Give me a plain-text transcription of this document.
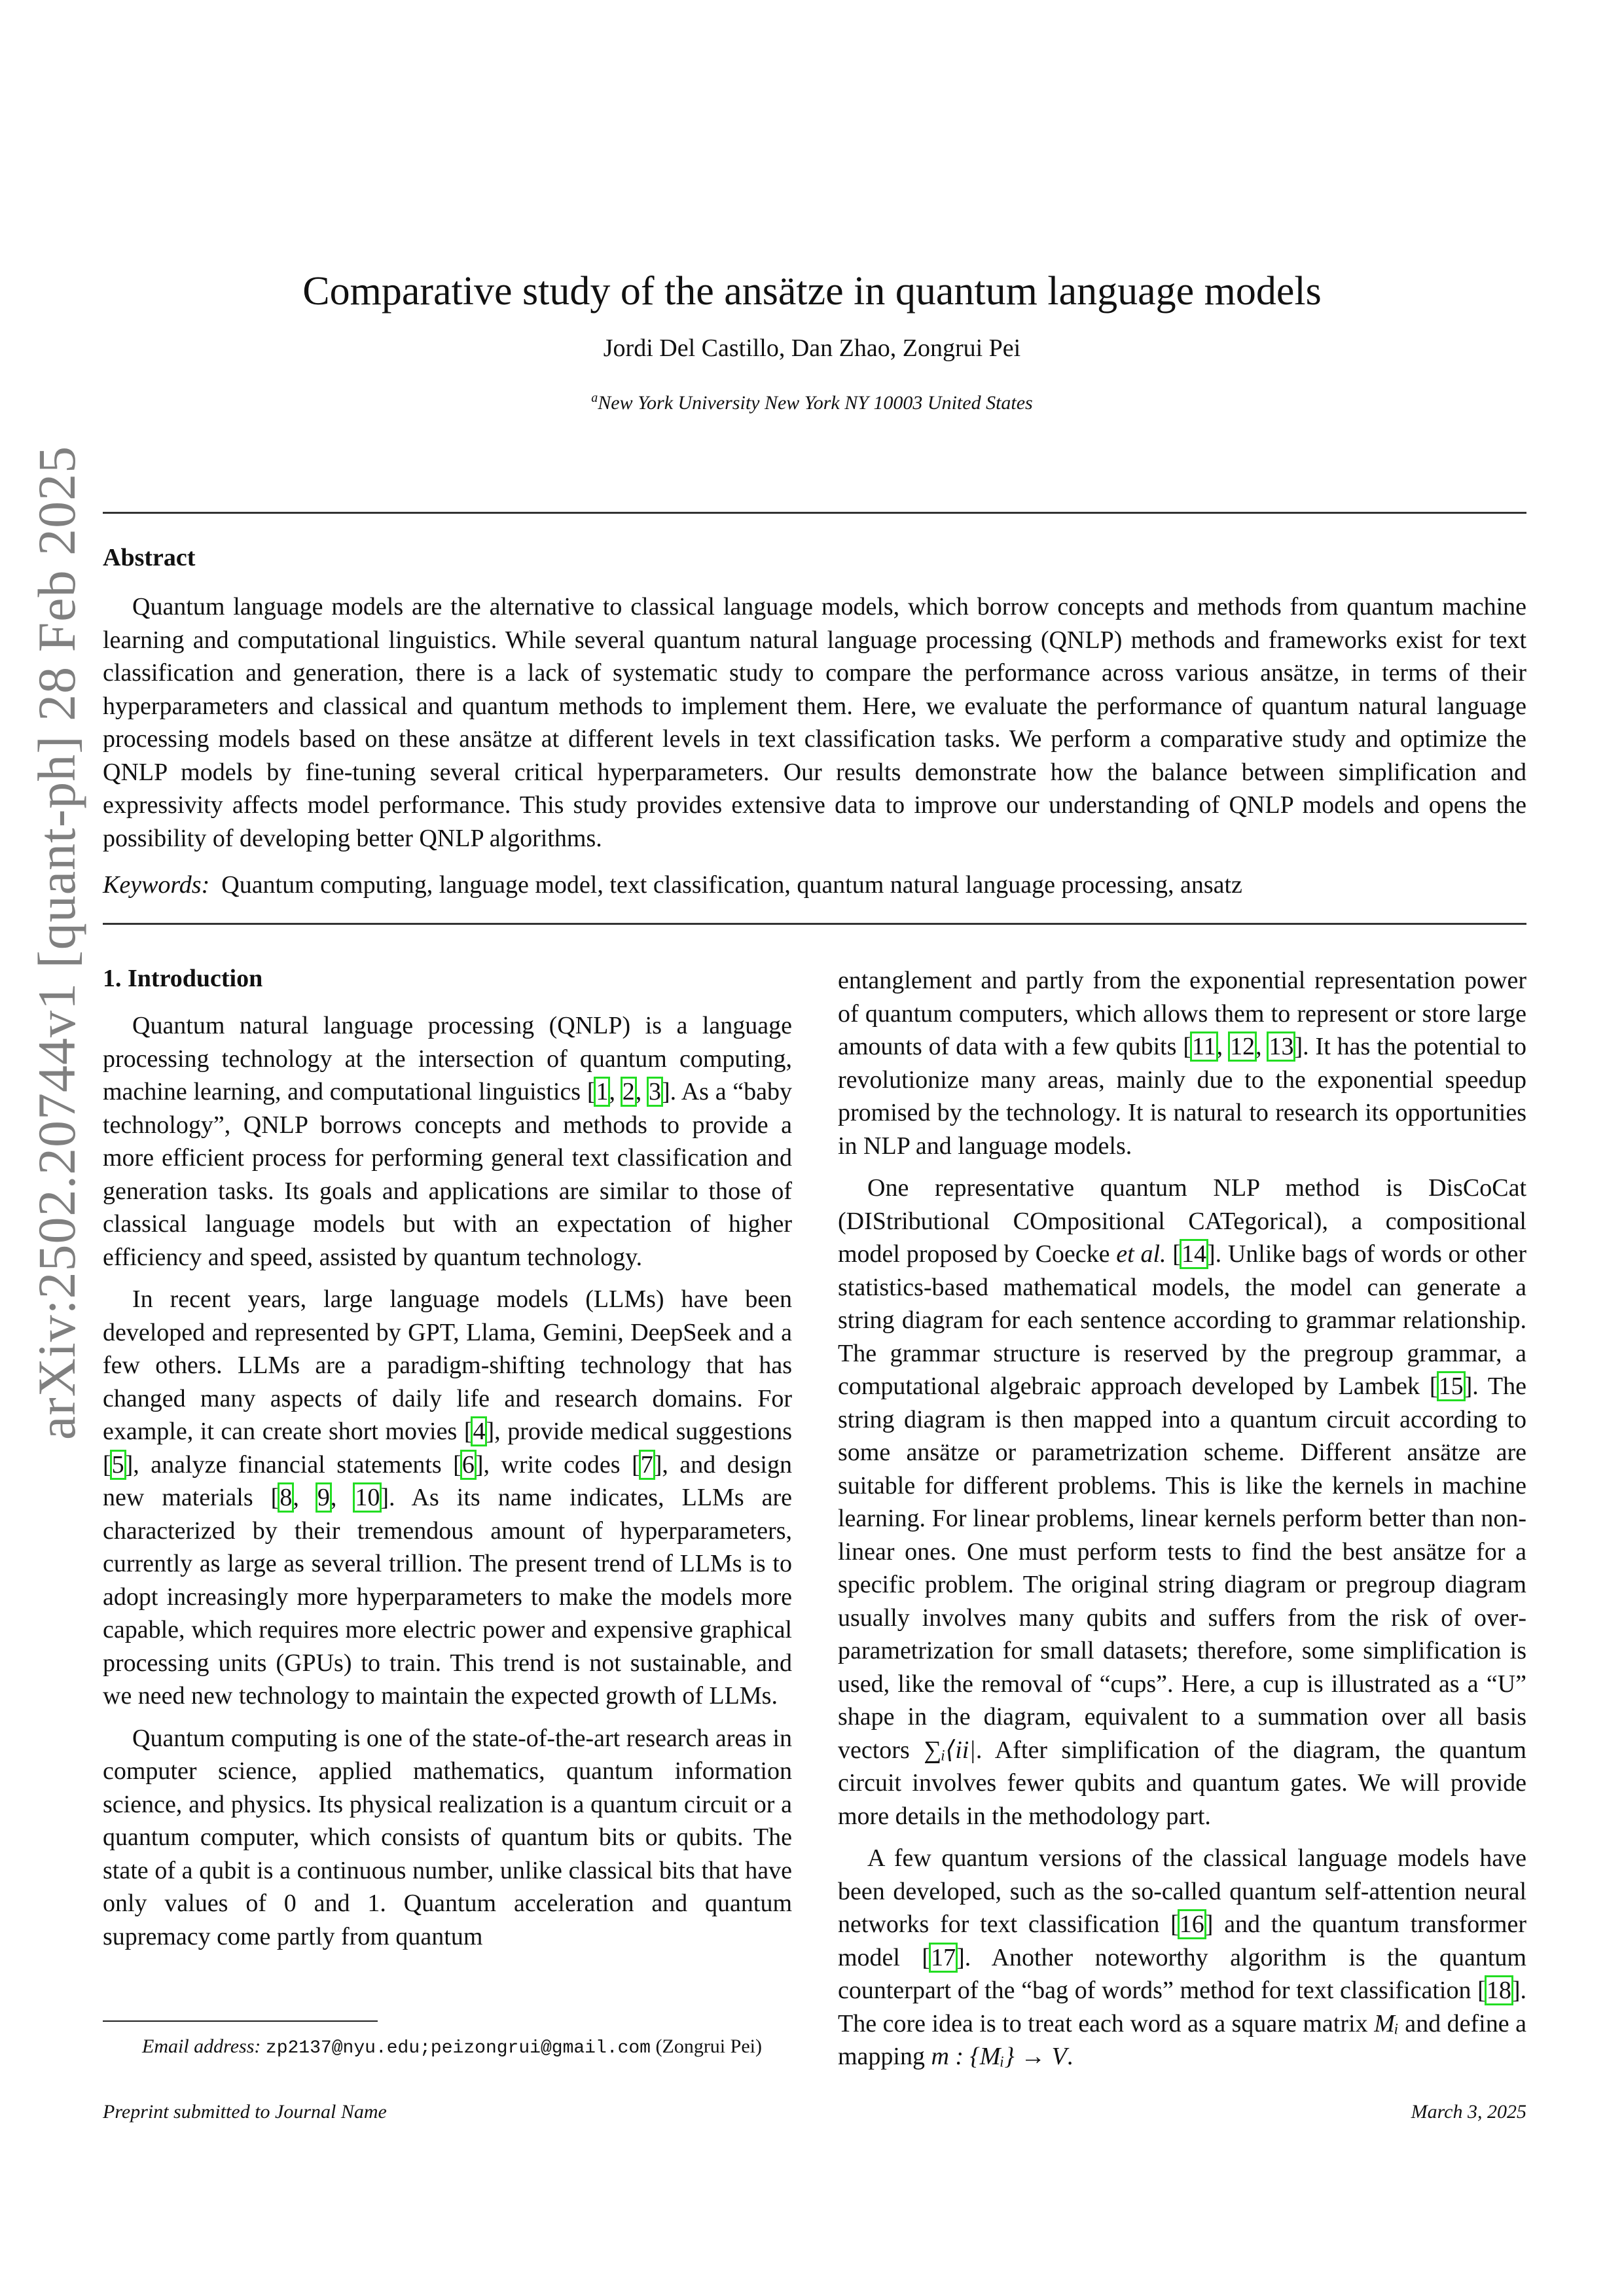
arXiv:2502.20744v1 [quant-ph] 28 Feb 2025
Comparative study of the ansätze in quantum language models
Jordi Del Castillo, Dan Zhao, Zongrui Pei
$^a$New York University New York NY 10003 United States
Abstract
Quantum language models are the alternative to classical language models, which borrow concepts and methods from quantum machine learning and computational linguistics. While several quantum natural language processing (QNLP) methods and frameworks exist for text classification and generation, there is a lack of systematic study to compare the performance across various ansätze, in terms of their hyperparameters and classical and quantum methods to implement them. Here, we evaluate the performance of quantum natural language processing models based on these ansätze at different levels in text classification tasks. We perform a comparative study and optimize the QNLP models by fine-tuning several critical hyperparameters. Our results demonstrate how the balance between simplification and expressivity affects model performance. This study provides extensive data to improve our understanding of QNLP models and opens the possibility of developing better QNLP algorithms.
Keywords: Quantum computing, language model, text classification, quantum natural language processing, ansatz
1. Introduction

Quantum natural language processing (QNLP) is a language processing technology at the intersection of quantum computing, machine learning, and computational linguistics [1, 2, 3]. As a “baby technology”, QNLP borrows concepts and methods to provide a more efficient process for performing general text classification and generation tasks. Its goals and applications are similar to those of classical language models but with an expectation of higher efficiency and speed, assisted by quantum technology.

In recent years, large language models (LLMs) have been developed and represented by GPT, Llama, Gemini, DeepSeek and a few others. LLMs are a paradigm-shifting technology that has changed many aspects of daily life and research domains. For example, it can create short movies [4], provide medical suggestions [5], analyze financial statements [6], write codes [7], and design new materials [8, 9, 10]. As its name indicates, LLMs are characterized by their tremendous amount of hyperparameters, currently as large as several trillion. The present trend of LLMs is to adopt increasingly more hyperparameters to make the models more capable, which requires more electric power and expensive graphical processing units (GPUs) to train. This trend is not sustainable, and we need new technology to maintain the expected growth of LLMs.

Quantum computing is one of the state-of-the-art research areas in computer science, applied mathematics, quantum information science, and physics. Its physical realization is a quantum circuit or a quantum computer, which consists of quantum bits or qubits. The state of a qubit is a continuous number, unlike classical bits that have only values of 0 and 1. Quantum acceleration and quantum supremacy come partly from quantum

entanglement and partly from the exponential representation power of quantum computers, which allows them to represent or store large amounts of data with a few qubits [11, 12, 13]. It has the potential to revolutionize many areas, mainly due to the exponential speedup promised by the technology. It is natural to research its opportunities in NLP and language models.

One representative quantum NLP method is DisCoCat (DIStributional COmpositional CATegorical), a compositional model proposed by Coecke et al. [14]. Unlike bags of words or other statistics-based mathematical models, the model can generate a string diagram for each sentence according to grammar relationship. The grammar structure is reserved by the pregroup grammar, a computational algebraic approach developed by Lambek [15]. The string diagram is then mapped into a quantum circuit according to some ansätze or parametrization scheme. Different ansätze are suitable for different problems. This is like the kernels in machine learning. For linear problems, linear kernels perform better than non-linear ones. One must perform tests to find the best ansätze for a specific problem. The original string diagram or pregroup diagram usually involves many qubits and suffers from the risk of overparametrization for small datasets; therefore, some simplification is used, like the removal of “cups”. Here, a cup is illustrated as a “U” shape in the diagram, equivalent to a summation over all basis vectors ∑ᵢ⟨ii|. After simplification of the diagram, the quantum circuit involves fewer qubits and quantum gates. We will provide more details in the methodology part.

A few quantum versions of the classical language models have been developed, such as the so-called quantum self-attention neural networks for text classification [16] and the quantum transformer model [17]. Another noteworthy algorithm is the quantum counterpart of the “bag of words” method for text classification [18]. The core idea is to treat each word as a square matrix Mᵢ and define a mapping m : {Mᵢ} → V.

Email address: zp2137@nyu.edu;peizongrui@gmail.com (Zongrui Pei)
Preprint submitted to Journal Name	March 3, 2025
